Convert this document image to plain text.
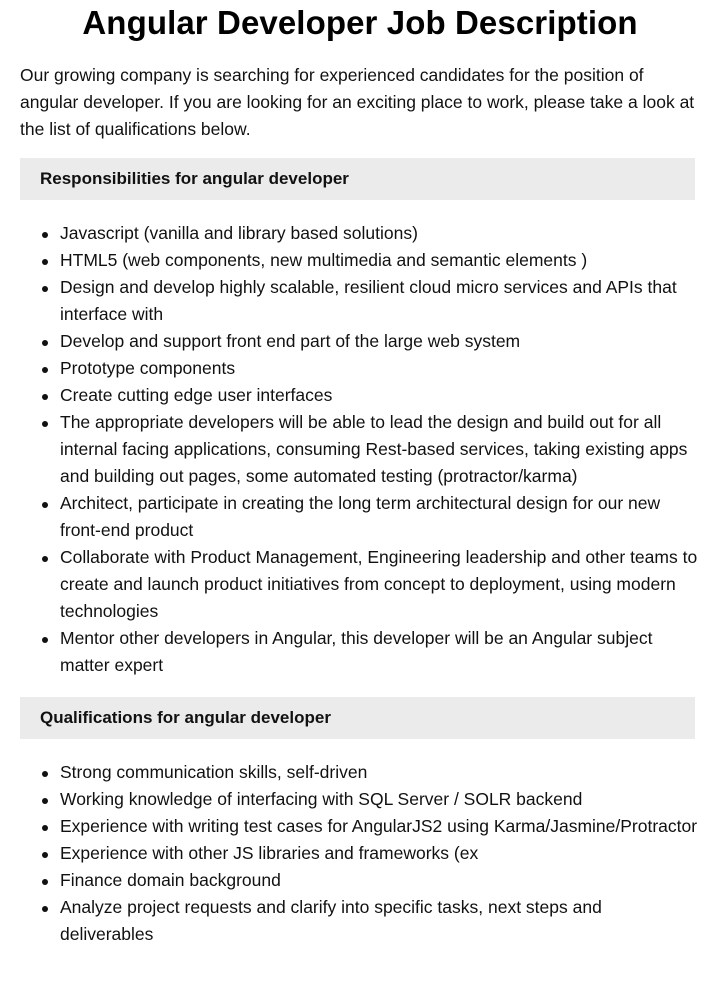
Angular Developer Job Description

Our growing company is searching for experienced candidates for the position of angular developer. If you are looking for an exciting place to work, please take a look at the list of qualifications below.

Responsibilities for angular developer
Javascript (vanilla and library based solutions)
HTML5 (web components, new multimedia and semantic elements )
Design and develop highly scalable, resilient cloud micro services and APIs that interface with
Develop and support front end part of the large web system
Prototype components
Create cutting edge user interfaces
The appropriate developers will be able to lead the design and build out for all internal facing applications, consuming Rest-based services, taking existing apps and building out pages, some automated testing (protractor/karma)
Architect, participate in creating the long term architectural design for our new front-end product
Collaborate with Product Management, Engineering leadership and other teams to create and launch product initiatives from concept to deployment, using modern technologies
Mentor other developers in Angular, this developer will be an Angular subject matter expert
Qualifications for angular developer
Strong communication skills, self-driven
Working knowledge of interfacing with SQL Server / SOLR backend
Experience with writing test cases for AngularJS2 using Karma/Jasmine/Protractor
Experience with other JS libraries and frameworks (ex
Finance domain background
Analyze project requests and clarify into specific tasks, next steps and deliverables
